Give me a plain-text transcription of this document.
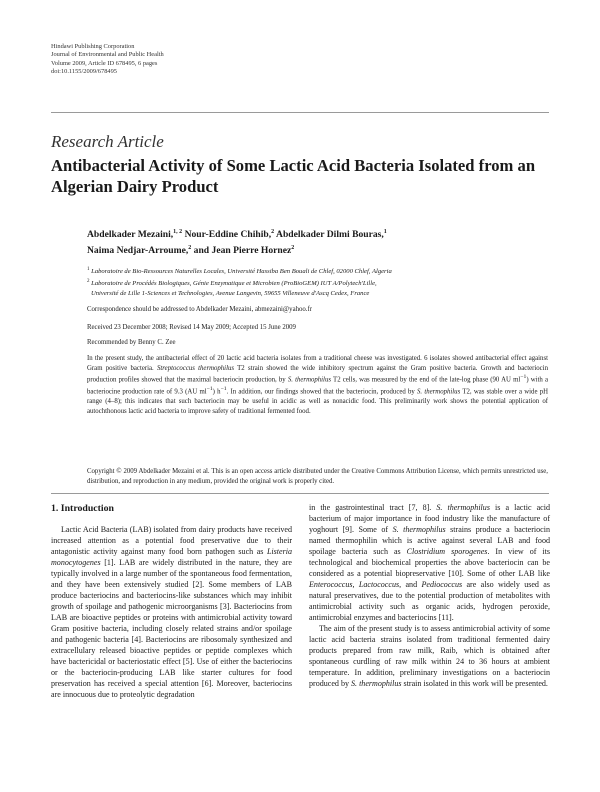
Hindawi Publishing Corporation
Journal of Environmental and Public Health
Volume 2009, Article ID 678495, 6 pages
doi:10.1155/2009/678495
Research Article
Antibacterial Activity of Some Lactic Acid Bacteria Isolated from an Algerian Dairy Product
Abdelkader Mezaini,$^{1, 2}$ Nour-Eddine Chihib,$^2$ Abdelkader Dilmi Bouras,$^1$
Naima Nedjar-Arroume,$^2$ and Jean Pierre Hornez$^2$
$^1$ Laboratoire de Bio-Ressources Naturelles Locales, Université Hassiba Ben Bouali de Chlef, 02000 Chlef, Algeria
$^2$ Laboratoire de Procédés Biologiques, Génie Enzymatique et Microbien (ProBioGEM) IUT A/Polytech'Lille,
Université de Lille 1-Sciences et Technologies, Avenue Langevin, 59655 Villeneuve d'Ascq Cedex, France
Correspondence should be addressed to Abdelkader Mezaini, abmezaini@yahoo.fr
Received 23 December 2008; Revised 14 May 2009; Accepted 15 June 2009
Recommended by Benny C. Zee
In the present study, the antibacterial effect of 20 lactic acid bacteria isolates from a traditional cheese was investigated. 6 isolates showed antibacterial effect against Gram positive bacteria. Streptococcus thermophilus T2 strain showed the wide inhibitory spectrum against the Gram positive bacteria. Growth and bacteriocin production profiles showed that the maximal bacteriocin production, by S. thermophilus T2 cells, was measured by the end of the late-log phase (90 AU $ml^{-1}$) with a bacteriocine production rate of 9.3 (AU $ml^{-1}$) $h^{-1}$. In addition, our findings showed that the bacteriocin, produced by S. thermophilus T2, was stable over a wide pH range (4–8); this indicates that such bacteriocin may be useful in acidic as well as nonacidic food. This preliminarily work shows the potential application of autochthonous lactic acid bacteria to improve safety of traditional fermented food.
Copyright © 2009 Abdelkader Mezaini et al. This is an open access article distributed under the Creative Commons Attribution License, which permits unrestricted use, distribution, and reproduction in any medium, provided the original work is properly cited.
1. Introduction

Lactic Acid Bacteria (LAB) isolated from dairy products have received increased attention as a potential food preservative due to their antagonistic activity against many food born pathogen such as Listeria monocytogenes [1]. LAB are widely distributed in the nature, they are typically involved in a large number of the spontaneous food fermentation, and they have been extensively studied [2]. Some members of LAB produce bacteriocins and bacteriocins-like substances which may inhibit growth of spoilage and pathogenic microorganisms [3]. Bacteriocins from LAB are bioactive peptides or proteins with antimicrobial activity toward Gram positive bacteria, including closely related strains and/or spoilage and pathogenic bacteria [4]. Bacteriocins are ribosomaly synthesized and extracellulary released bioactive peptides or peptide complexes which have bactericidal or bacteriostatic effect [5]. Use of either the bacteriocins or the bacteriocin-producing LAB like starter cultures for food preservation has received a special attention [6]. Moreover, bacteriocins are innocuous due to proteolytic degradation

in the gastrointestinal tract [7, 8]. S. thermophilus is a lactic acid bacterium of major importance in food industry like the manufacture of yoghourt [9]. Some of S. thermophilus strains produce a bacteriocin named thermophilin which is active against several LAB and food spoilage bacteria such as Clostridium sporogenes. In view of its technological and biochemical properties the above bacteriocin can be considered as a potential biopreservative [10]. Some of other LAB like Enterococcus, Lactococcus, and Pediococcus are also widely used as natural preservatives, due to the potential production of metabolites with antimicrobial activity such as organic acids, hydrogen peroxide, antimicrobial enzymes and bacteriocins [11].

The aim of the present study is to assess antimicrobial activity of some lactic acid bacteria strains isolated from traditional fermented dairy products prepared from raw milk, Raib, which is obtained after spontaneous curdling of raw milk within 24 to 36 hours at ambient temperature. In addition, preliminary investigations on a bacteriocin produced by S. thermophilus strain isolated in this work will be presented.
